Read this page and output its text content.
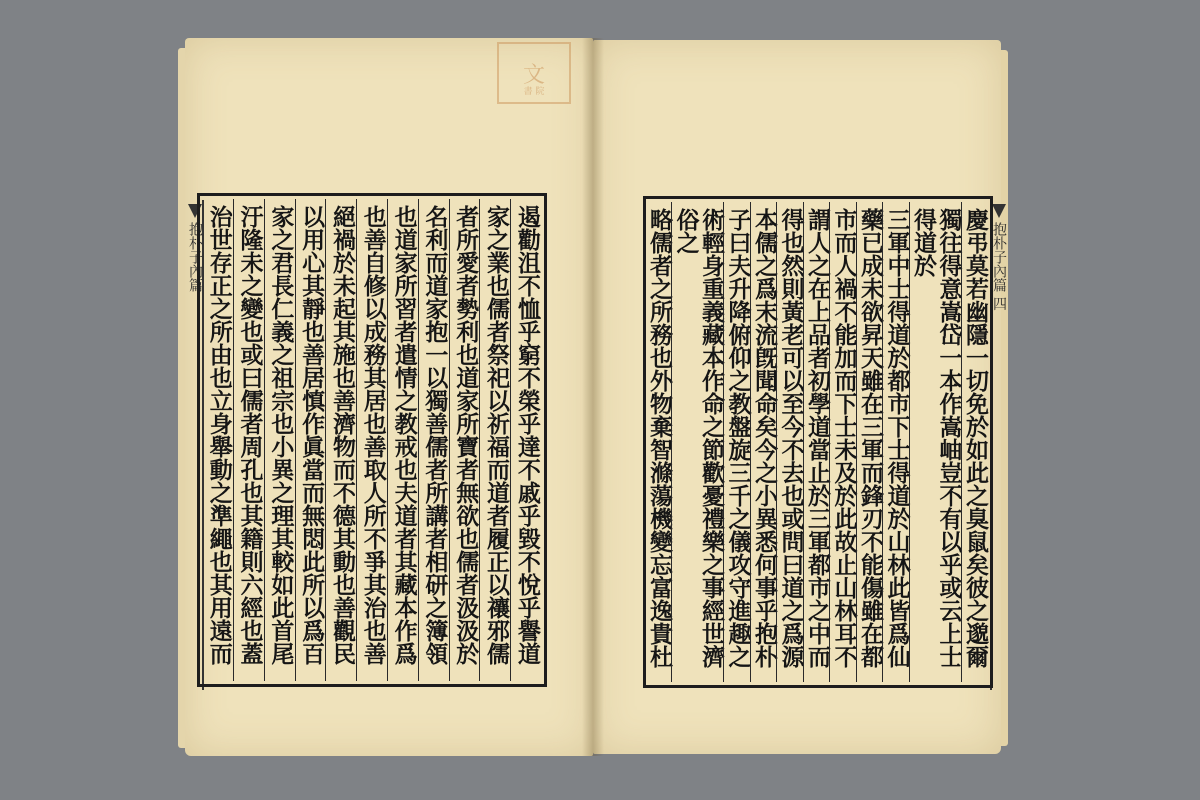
文
書 院
抱朴子內篇	抱朴子內篇 四
遏勸沮不恤乎窮不榮乎達不戚乎毀不悅乎譽道
家之業也儒者祭祀以祈福而道者履正以禳邪儒
者所愛者勢利也道家所寶者無欲也儒者汲汲於
名利而道家抱一以獨善儒者所講者相研之簿領
也道家所習者遣情之教戒也夫道者其藏本作爲
也善自修以成務其居也善取人所不爭其治也善
絕禍於未起其施也善濟物而不德其動也善觀民
以用心其靜也善居慎作眞當而無悶此所以爲百
家之君長仁義之祖宗也小異之理其較如此首尾
汙隆未之變也或曰儒者周孔也其籍則六經也蓋
治世存正之所由也立身舉動之準繩也其用遠而	慶弔莫若幽隱一切免於如此之臭鼠矣彼之邈爾
獨往得意嵩岱一本作嵩岫豈不有以乎或云上士得道於
三軍中士得道於都市下士得道於山林此皆爲仙
藥已成未欲昇天雖在三軍而鋒刃不能傷雖在都
市而人禍不能加而下士未及於此故止山林耳不
謂人之在上品者初學道當止於三軍都市之中而
得也然則黃老可以至今不去也或問曰道之爲源
本儒之爲末流旣聞命矣今之小異悉何事乎抱朴
子曰夫升降俯仰之教盤旋三千之儀攻守進趣之
術輕身重義藏本作命之節歡憂禮樂之事經世濟俗之
略儒者之所務也外物棄智滌蕩機變忘富逸貴杜
